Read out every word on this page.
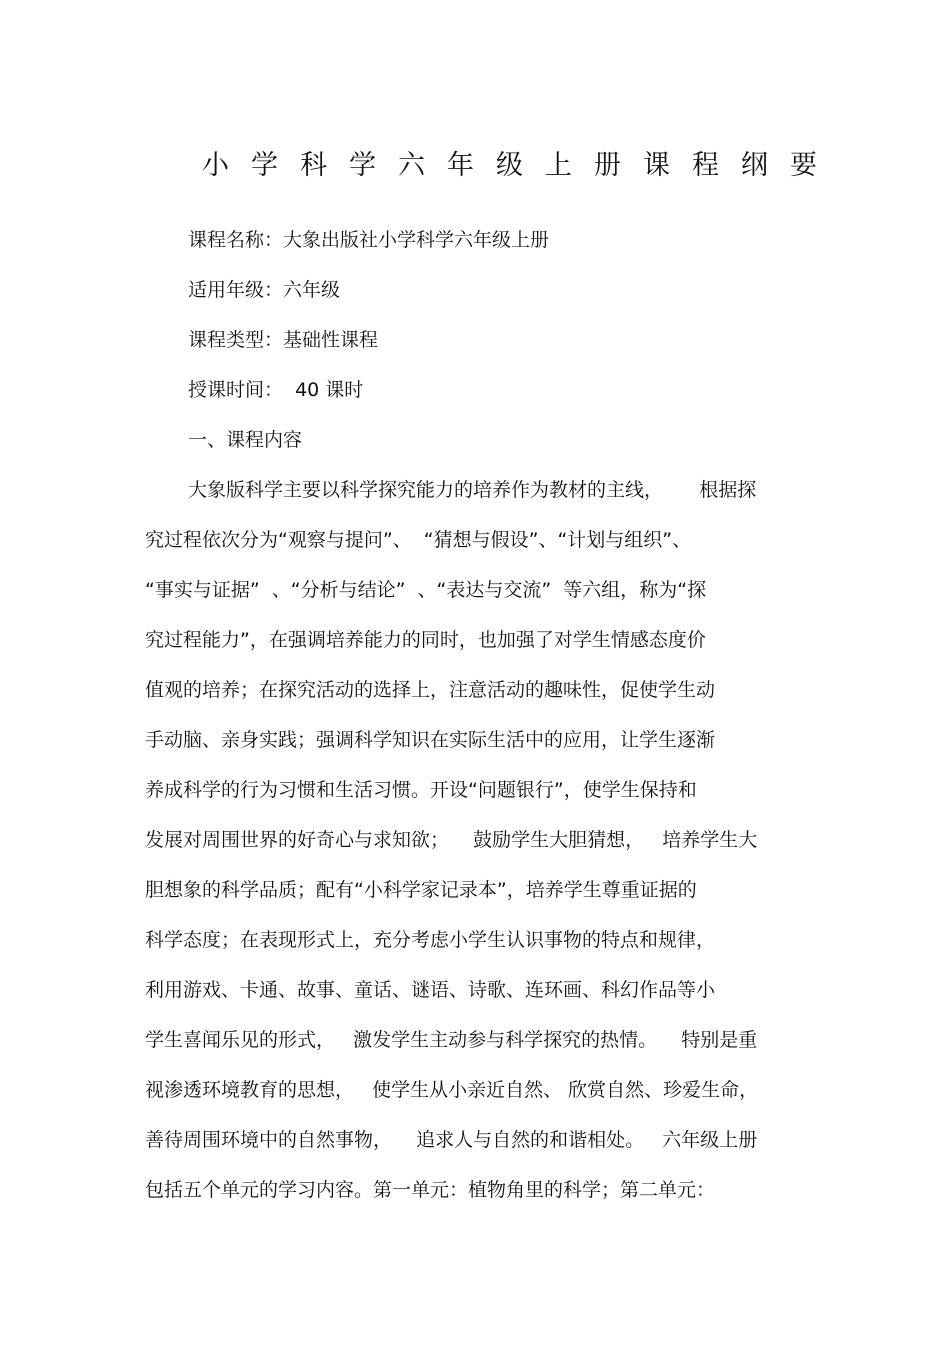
小学科学六年级上册课程纲要
课程名称：大象出版社小学科学六年级上册
适用年级：六年级
课程类型：基础性课程
授课时间：  40 课时
一、课程内容
大象版科学主要以科学探究能力的培养作为教材的主线，      根据探
究过程依次分为“观察与提问”、  “猜想与假设”、“计划与组织”、
“事实与证据”  、“分析与结论”  、“表达与交流”  等六组，称为“探
究过程能力”，在强调培养能力的同时，也加强了对学生情感态度价
值观的培养；在探究活动的选择上，注意活动的趣味性，促使学生动
手动脑、亲身实践；强调科学知识在实际生活中的应用，让学生逐渐
养成科学的行为习惯和生活习惯。开设“问题银行”，使学生保持和
发展对周围世界的好奇心与求知欲；    鼓励学生大胆猜想，   培养学生大
胆想象的科学品质；配有“小科学家记录本”，培养学生尊重证据的
科学态度；在表现形式上，充分考虑小学生认识事物的特点和规律，
利用游戏、卡通、故事、童话、谜语、诗歌、连环画、科幻作品等小
学生喜闻乐见的形式，   激发学生主动参与科学探究的热情。    特别是重
视渗透环境教育的思想，   使学生从小亲近自然、 欣赏自然、珍爱生命，
善待周围环境中的自然事物，    追求人与自然的和谐相处。   六年级上册
包括五个单元的学习内容。第一单元：植物角里的科学；第二单元：
